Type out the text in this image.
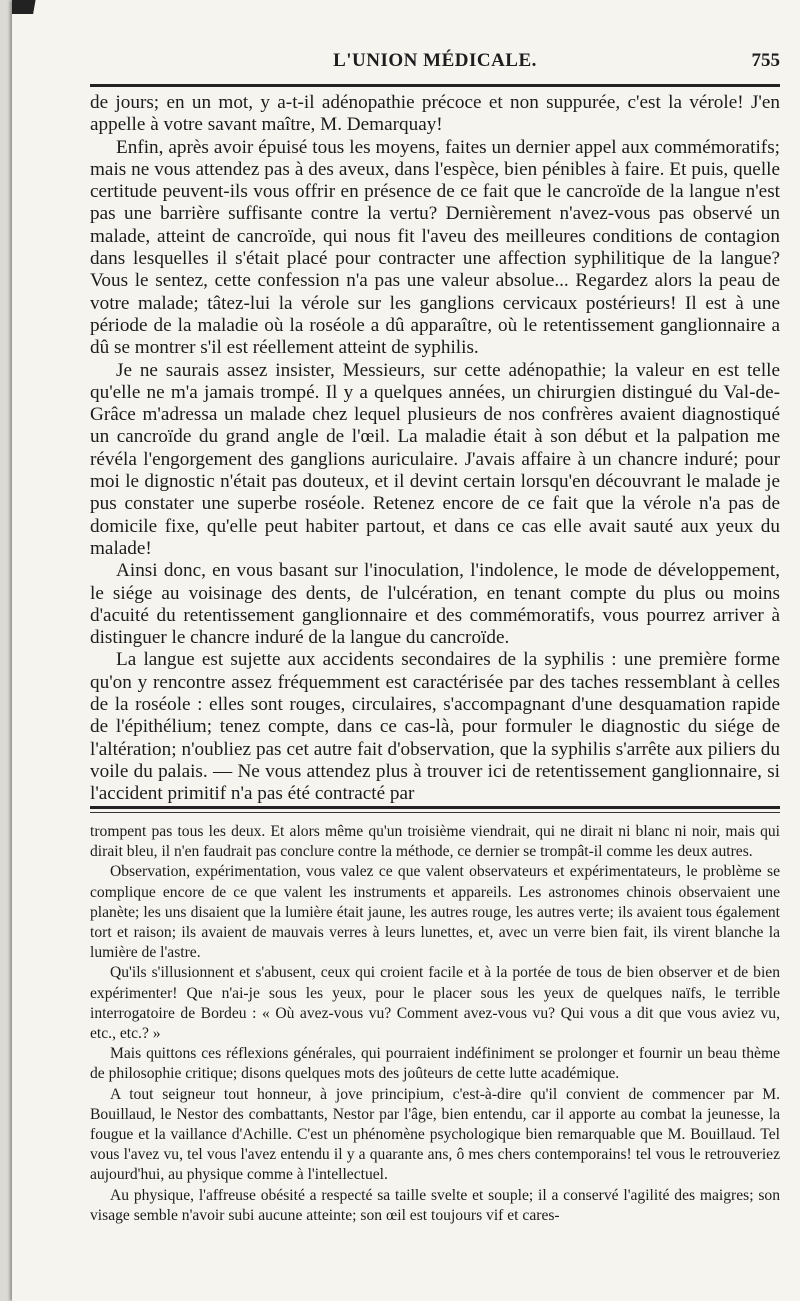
L'UNION MÉDICALE.	755

de jours; en un mot, y a-t-il adénopathie précoce et non suppurée, c'est la vérole! J'en appelle à votre savant maître, M. Demarquay!

Enfin, après avoir épuisé tous les moyens, faites un dernier appel aux commémoratifs; mais ne vous attendez pas à des aveux, dans l'espèce, bien pénibles à faire. Et puis, quelle certitude peuvent-ils vous offrir en présence de ce fait que le cancroïde de la langue n'est pas une barrière suffisante contre la vertu? Dernièrement n'avez-vous pas observé un malade, atteint de cancroïde, qui nous fit l'aveu des meilleures conditions de contagion dans lesquelles il s'était placé pour contracter une affection syphilitique de la langue? Vous le sentez, cette confession n'a pas une valeur absolue... Regardez alors la peau de votre malade; tâtez-lui la vérole sur les ganglions cervicaux postérieurs! Il est à une période de la maladie où la roséole a dû apparaître, où le retentissement ganglionnaire a dû se montrer s'il est réellement atteint de syphilis.

Je ne saurais assez insister, Messieurs, sur cette adénopathie; la valeur en est telle qu'elle ne m'a jamais trompé. Il y a quelques années, un chirurgien distingué du Val-de-Grâce m'adressa un malade chez lequel plusieurs de nos confrères avaient diagnostiqué un cancroïde du grand angle de l'œil. La maladie était à son début et la palpation me révéla l'engorgement des ganglions auriculaire. J'avais affaire à un chancre induré; pour moi le dignostic n'était pas douteux, et il devint certain lorsqu'en découvrant le malade je pus constater une superbe roséole. Retenez encore de ce fait que la vérole n'a pas de domicile fixe, qu'elle peut habiter partout, et dans ce cas elle avait sauté aux yeux du malade!

Ainsi donc, en vous basant sur l'inoculation, l'indolence, le mode de développement, le siége au voisinage des dents, de l'ulcération, en tenant compte du plus ou moins d'acuité du retentissement ganglionnaire et des commémoratifs, vous pourrez arriver à distinguer le chancre induré de la langue du cancroïde.

La langue est sujette aux accidents secondaires de la syphilis : une première forme qu'on y rencontre assez fréquemment est caractérisée par des taches ressemblant à celles de la roséole : elles sont rouges, circulaires, s'accompagnant d'une desquamation rapide de l'épithélium; tenez compte, dans ce cas-là, pour formuler le diagnostic du siége de l'altération; n'oubliez pas cet autre fait d'observation, que la syphilis s'arrête aux piliers du voile du palais. — Ne vous attendez plus à trouver ici de retentissement ganglionnaire, si l'accident primitif n'a pas été contracté par

trompent pas tous les deux. Et alors même qu'un troisième viendrait, qui ne dirait ni blanc ni noir, mais qui dirait bleu, il n'en faudrait pas conclure contre la méthode, ce dernier se trompât-il comme les deux autres.

Observation, expérimentation, vous valez ce que valent observateurs et expérimentateurs, le problème se complique encore de ce que valent les instruments et appareils. Les astronomes chinois observaient une planète; les uns disaient que la lumière était jaune, les autres rouge, les autres verte; ils avaient tous également tort et raison; ils avaient de mauvais verres à leurs lunettes, et, avec un verre bien fait, ils virent blanche la lumière de l'astre.

Qu'ils s'illusionnent et s'abusent, ceux qui croient facile et à la portée de tous de bien observer et de bien expérimenter! Que n'ai-je sous les yeux, pour le placer sous les yeux de quelques naïfs, le terrible interrogatoire de Bordeu : « Où avez-vous vu? Comment avez-vous vu? Qui vous a dit que vous aviez vu, etc., etc.? »

Mais quittons ces réflexions générales, qui pourraient indéfiniment se prolonger et fournir un beau thème de philosophie critique; disons quelques mots des joûteurs de cette lutte académique.

A tout seigneur tout honneur, à jove principium, c'est-à-dire qu'il convient de commencer par M. Bouillaud, le Nestor des combattants, Nestor par l'âge, bien entendu, car il apporte au combat la jeunesse, la fougue et la vaillance d'Achille. C'est un phénomène psychologique bien remarquable que M. Bouillaud. Tel vous l'avez vu, tel vous l'avez entendu il y a quarante ans, ô mes chers contemporains! tel vous le retrouveriez aujourd'hui, au physique comme à l'intellectuel.

Au physique, l'affreuse obésité a respecté sa taille svelte et souple; il a conservé l'agilité des maigres; son visage semble n'avoir subi aucune atteinte; son œil est toujours vif et cares-
